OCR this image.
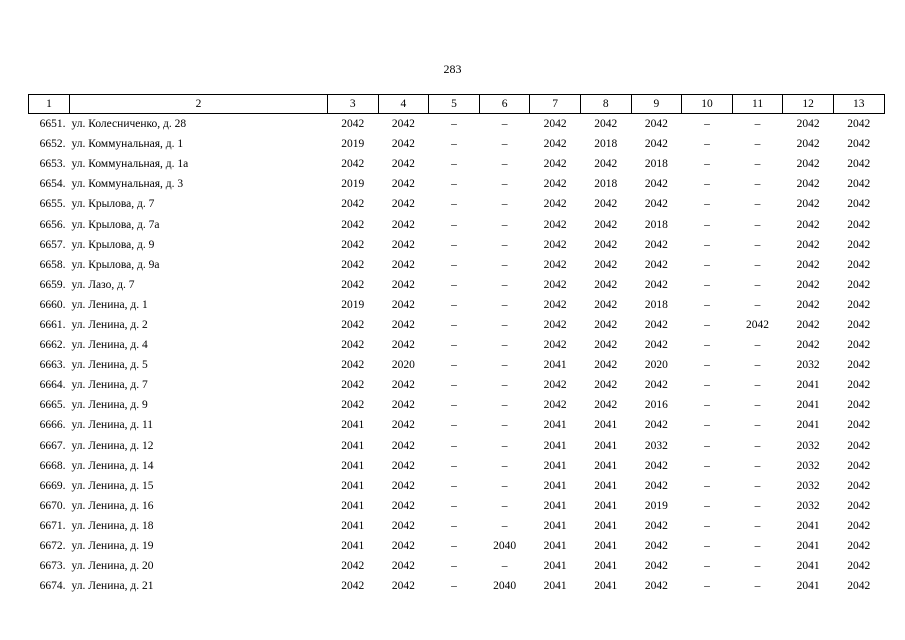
283
1	2	3	4	5	6	7	8	9	10	11	12	13
6651.	ул. Колесниченко, д. 28	2042	2042	–	–	2042	2042	2042	–	–	2042	2042
6652.	ул. Коммунальная, д. 1	2019	2042	–	–	2042	2018	2042	–	–	2042	2042
6653.	ул. Коммунальная, д. 1а	2042	2042	–	–	2042	2042	2018	–	–	2042	2042
6654.	ул. Коммунальная, д. 3	2019	2042	–	–	2042	2018	2042	–	–	2042	2042
6655.	ул. Крылова, д. 7	2042	2042	–	–	2042	2042	2042	–	–	2042	2042
6656.	ул. Крылова, д. 7а	2042	2042	–	–	2042	2042	2018	–	–	2042	2042
6657.	ул. Крылова, д. 9	2042	2042	–	–	2042	2042	2042	–	–	2042	2042
6658.	ул. Крылова, д. 9а	2042	2042	–	–	2042	2042	2042	–	–	2042	2042
6659.	ул. Лазо, д. 7	2042	2042	–	–	2042	2042	2042	–	–	2042	2042
6660.	ул. Ленина, д. 1	2019	2042	–	–	2042	2042	2018	–	–	2042	2042
6661.	ул. Ленина, д. 2	2042	2042	–	–	2042	2042	2042	–	2042	2042	2042
6662.	ул. Ленина, д. 4	2042	2042	–	–	2042	2042	2042	–	–	2042	2042
6663.	ул. Ленина, д. 5	2042	2020	–	–	2041	2042	2020	–	–	2032	2042
6664.	ул. Ленина, д. 7	2042	2042	–	–	2042	2042	2042	–	–	2041	2042
6665.	ул. Ленина, д. 9	2042	2042	–	–	2042	2042	2016	–	–	2041	2042
6666.	ул. Ленина, д. 11	2041	2042	–	–	2041	2041	2042	–	–	2041	2042
6667.	ул. Ленина, д. 12	2041	2042	–	–	2041	2041	2032	–	–	2032	2042
6668.	ул. Ленина, д. 14	2041	2042	–	–	2041	2041	2042	–	–	2032	2042
6669.	ул. Ленина, д. 15	2041	2042	–	–	2041	2041	2042	–	–	2032	2042
6670.	ул. Ленина, д. 16	2041	2042	–	–	2041	2041	2019	–	–	2032	2042
6671.	ул. Ленина, д. 18	2041	2042	–	–	2041	2041	2042	–	–	2041	2042
6672.	ул. Ленина, д. 19	2041	2042	–	2040	2041	2041	2042	–	–	2041	2042
6673.	ул. Ленина, д. 20	2042	2042	–	–	2041	2041	2042	–	–	2041	2042
6674.	ул. Ленина, д. 21	2042	2042	–	2040	2041	2041	2042	–	–	2041	2042
